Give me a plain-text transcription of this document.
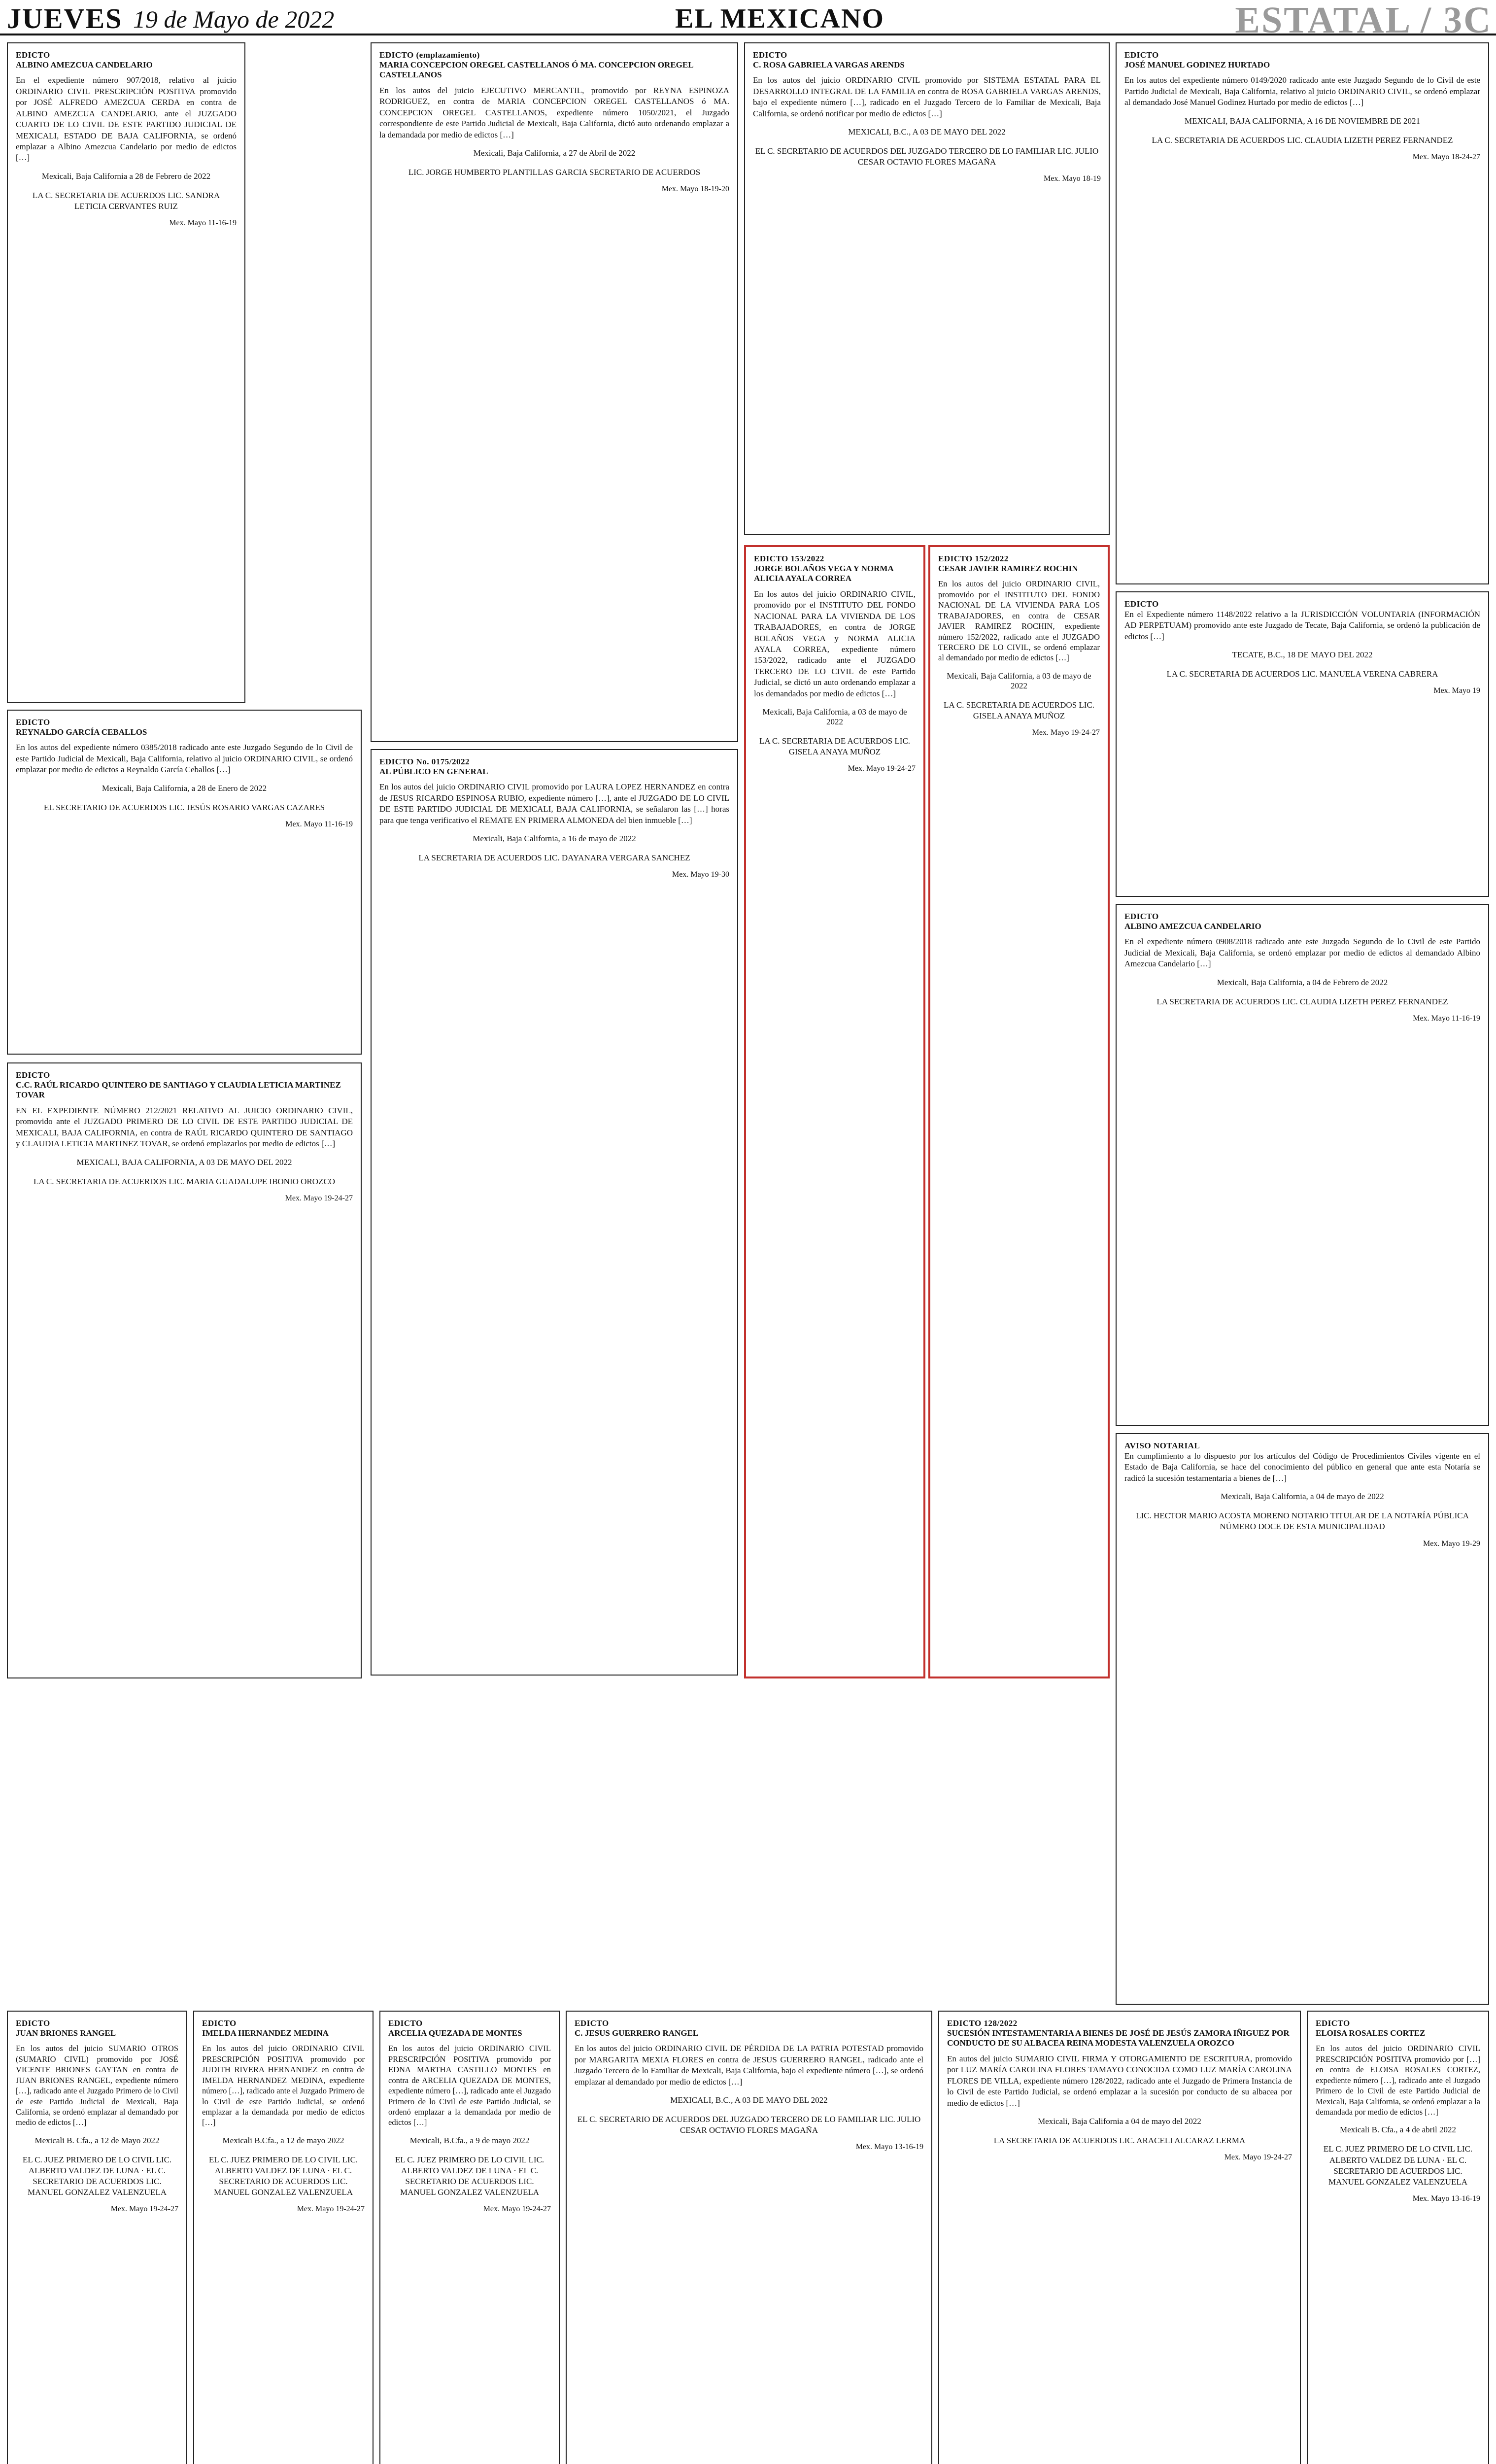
JUEVES 19 de Mayo de 2022	EL MEXICANO	ESTATAL / 3C
EDICTO
ALBINO AMEZCUA CANDELARIO

En el expediente número 907/2018, relativo al juicio ORDINARIO CIVIL PRESCRIPCIÓN POSITIVA promovido por JOSÉ ALFREDO AMEZCUA CERDA en contra de ALBINO AMEZCUA CANDELARIO, ante el JUZGADO CUARTO DE LO CIVIL DE ESTE PARTIDO JUDICIAL DE MEXICALI, ESTADO DE BAJA CALIFORNIA, se ordenó emplazar a Albino Amezcua Candelario por medio de edictos […]

Mexicali, Baja California a 28 de Febrero de 2022
LA C. SECRETARIA DE ACUERDOS LIC. SANDRA LETICIA CERVANTES RUIZ
Mex. Mayo 11-16-19
EDICTO (emplazamiento)
MARIA CONCEPCION OREGEL CASTELLANOS Ó MA. CONCEPCION OREGEL CASTELLANOS

En los autos del juicio EJECUTIVO MERCANTIL, promovido por REYNA ESPINOZA RODRIGUEZ, en contra de MARIA CONCEPCION OREGEL CASTELLANOS ó MA. CONCEPCION OREGEL CASTELLANOS, expediente número 1050/2021, el Juzgado correspondiente de este Partido Judicial de Mexicali, Baja California, dictó auto ordenando emplazar a la demandada por medio de edictos […]

Mexicali, Baja California, a 27 de Abril de 2022
LIC. JORGE HUMBERTO PLANTILLAS GARCIA SECRETARIO DE ACUERDOS
Mex. Mayo 18-19-20
EDICTO
C. ROSA GABRIELA VARGAS ARENDS

En los autos del juicio ORDINARIO CIVIL promovido por SISTEMA ESTATAL PARA EL DESARROLLO INTEGRAL DE LA FAMILIA en contra de ROSA GABRIELA VARGAS ARENDS, bajo el expediente número […], radicado en el Juzgado Tercero de lo Familiar de Mexicali, Baja California, se ordenó notificar por medio de edictos […]

MEXICALI, B.C., A 03 DE MAYO DEL 2022
EL C. SECRETARIO DE ACUERDOS DEL JUZGADO TERCERO DE LO FAMILIAR LIC. JULIO CESAR OCTAVIO FLORES MAGAÑA
Mex. Mayo 18-19
EDICTO
JOSÉ MANUEL GODINEZ HURTADO

En los autos del expediente número 0149/2020 radicado ante este Juzgado Segundo de lo Civil de este Partido Judicial de Mexicali, Baja California, relativo al juicio ORDINARIO CIVIL, se ordenó emplazar al demandado José Manuel Godinez Hurtado por medio de edictos […]

MEXICALI, BAJA CALIFORNIA, A 16 DE NOVIEMBRE DE 2021
LA C. SECRETARIA DE ACUERDOS LIC. CLAUDIA LIZETH PEREZ FERNANDEZ
Mex. Mayo 18-24-27
EDICTO

En el Expediente número 1148/2022 relativo a la JURISDICCIÓN VOLUNTARIA (INFORMACIÓN AD PERPETUAM) promovido ante este Juzgado de Tecate, Baja California, se ordenó la publicación de edictos […]

TECATE, B.C., 18 DE MAYO DEL 2022
LA C. SECRETARIA DE ACUERDOS LIC. MANUELA VERENA CABRERA
Mex. Mayo 19
EDICTO
REYNALDO GARCÍA CEBALLOS

En los autos del expediente número 0385/2018 radicado ante este Juzgado Segundo de lo Civil de este Partido Judicial de Mexicali, Baja California, relativo al juicio ORDINARIO CIVIL, se ordenó emplazar por medio de edictos a Reynaldo García Ceballos […]

Mexicali, Baja California, a 28 de Enero de 2022
EL SECRETARIO DE ACUERDOS LIC. JESÚS ROSARIO VARGAS CAZARES
Mex. Mayo 11-16-19
EDICTO No. 0175/2022
AL PÚBLICO EN GENERAL

En los autos del juicio ORDINARIO CIVIL promovido por LAURA LOPEZ HERNANDEZ en contra de JESUS RICARDO ESPINOSA RUBIO, expediente número […], ante el JUZGADO DE LO CIVIL DE ESTE PARTIDO JUDICIAL DE MEXICALI, BAJA CALIFORNIA, se señalaron las […] horas para que tenga verificativo el REMATE EN PRIMERA ALMONEDA del bien inmueble […]

Mexicali, Baja California, a 16 de mayo de 2022
LA SECRETARIA DE ACUERDOS LIC. DAYANARA VERGARA SANCHEZ
Mex. Mayo 19-30
EDICTO 153/2022
JORGE BOLAÑOS VEGA Y NORMA ALICIA AYALA CORREA

En los autos del juicio ORDINARIO CIVIL, promovido por el INSTITUTO DEL FONDO NACIONAL PARA LA VIVIENDA DE LOS TRABAJADORES, en contra de JORGE BOLAÑOS VEGA y NORMA ALICIA AYALA CORREA, expediente número 153/2022, radicado ante el JUZGADO TERCERO DE LO CIVIL de este Partido Judicial, se dictó un auto ordenando emplazar a los demandados por medio de edictos […]

Mexicali, Baja California, a 03 de mayo de 2022
LA C. SECRETARIA DE ACUERDOS LIC. GISELA ANAYA MUÑOZ
Mex. Mayo 19-24-27
EDICTO 152/2022
CESAR JAVIER RAMIREZ ROCHIN

En los autos del juicio ORDINARIO CIVIL, promovido por el INSTITUTO DEL FONDO NACIONAL DE LA VIVIENDA PARA LOS TRABAJADORES, en contra de CESAR JAVIER RAMIREZ ROCHIN, expediente número 152/2022, radicado ante el JUZGADO TERCERO DE LO CIVIL, se ordenó emplazar al demandado por medio de edictos […]

Mexicali, Baja California, a 03 de mayo de 2022
LA C. SECRETARIA DE ACUERDOS LIC. GISELA ANAYA MUÑOZ
Mex. Mayo 19-24-27
EDICTO
ALBINO AMEZCUA CANDELARIO

En el expediente número 0908/2018 radicado ante este Juzgado Segundo de lo Civil de este Partido Judicial de Mexicali, Baja California, se ordenó emplazar por medio de edictos al demandado Albino Amezcua Candelario […]

Mexicali, Baja California, a 04 de Febrero de 2022
LA SECRETARIA DE ACUERDOS LIC. CLAUDIA LIZETH PEREZ FERNANDEZ
Mex. Mayo 11-16-19
EDICTO
C.C. RAÚL RICARDO QUINTERO DE SANTIAGO Y CLAUDIA LETICIA MARTINEZ TOVAR

EN EL EXPEDIENTE NÚMERO 212/2021 RELATIVO AL JUICIO ORDINARIO CIVIL, promovido ante el JUZGADO PRIMERO DE LO CIVIL DE ESTE PARTIDO JUDICIAL DE MEXICALI, BAJA CALIFORNIA, en contra de RAÚL RICARDO QUINTERO DE SANTIAGO y CLAUDIA LETICIA MARTINEZ TOVAR, se ordenó emplazarlos por medio de edictos […]

MEXICALI, BAJA CALIFORNIA, A 03 DE MAYO DEL 2022
LA C. SECRETARIA DE ACUERDOS LIC. MARIA GUADALUPE IBONIO OROZCO
Mex. Mayo 19-24-27
AVISO NOTARIAL

En cumplimiento a lo dispuesto por los artículos del Código de Procedimientos Civiles vigente en el Estado de Baja California, se hace del conocimiento del público en general que ante esta Notaría se radicó la sucesión testamentaria a bienes de […]

Mexicali, Baja California, a 04 de mayo de 2022
LIC. HECTOR MARIO ACOSTA MORENO NOTARIO TITULAR DE LA NOTARÍA PÚBLICA NÚMERO DOCE DE ESTA MUNICIPALIDAD
Mex. Mayo 19-29
EDICTO
JUAN BRIONES RANGEL

En los autos del juicio SUMARIO OTROS (SUMARIO CIVIL) promovido por JOSÉ VICENTE BRIONES GAYTAN en contra de JUAN BRIONES RANGEL, expediente número […], radicado ante el Juzgado Primero de lo Civil de este Partido Judicial de Mexicali, Baja California, se ordenó emplazar al demandado por medio de edictos […]

Mexicali B. Cfa., a 12 de Mayo 2022
EL C. JUEZ PRIMERO DE LO CIVIL LIC. ALBERTO VALDEZ DE LUNA · EL C. SECRETARIO DE ACUERDOS LIC. MANUEL GONZALEZ VALENZUELA
Mex. Mayo 19-24-27
EDICTO
IMELDA HERNANDEZ MEDINA

En los autos del juicio ORDINARIO CIVIL PRESCRIPCIÓN POSITIVA promovido por JUDITH RIVERA HERNANDEZ en contra de IMELDA HERNANDEZ MEDINA, expediente número […], radicado ante el Juzgado Primero de lo Civil de este Partido Judicial, se ordenó emplazar a la demandada por medio de edictos […]

Mexicali B.Cfa., a 12 de mayo 2022
EL C. JUEZ PRIMERO DE LO CIVIL LIC. ALBERTO VALDEZ DE LUNA · EL C. SECRETARIO DE ACUERDOS LIC. MANUEL GONZALEZ VALENZUELA
Mex. Mayo 19-24-27
EDICTO
ARCELIA QUEZADA DE MONTES

En los autos del juicio ORDINARIO CIVIL PRESCRIPCIÓN POSITIVA promovido por EDNA MARTHA CASTILLO MONTES en contra de ARCELIA QUEZADA DE MONTES, expediente número […], radicado ante el Juzgado Primero de lo Civil de este Partido Judicial, se ordenó emplazar a la demandada por medio de edictos […]

Mexicali, B.Cfa., a 9 de mayo 2022
EL C. JUEZ PRIMERO DE LO CIVIL LIC. ALBERTO VALDEZ DE LUNA · EL C. SECRETARIO DE ACUERDOS LIC. MANUEL GONZALEZ VALENZUELA
Mex. Mayo 19-24-27
EDICTO
C. JESUS GUERRERO RANGEL

En los autos del juicio ORDINARIO CIVIL DE PÉRDIDA DE LA PATRIA POTESTAD promovido por MARGARITA MEXIA FLORES en contra de JESUS GUERRERO RANGEL, radicado ante el Juzgado Tercero de lo Familiar de Mexicali, Baja California, bajo el expediente número […], se ordenó emplazar al demandado por medio de edictos […]

MEXICALI, B.C., A 03 DE MAYO DEL 2022
EL C. SECRETARIO DE ACUERDOS DEL JUZGADO TERCERO DE LO FAMILIAR LIC. JULIO CESAR OCTAVIO FLORES MAGAÑA
Mex. Mayo 13-16-19
EDICTO 128/2022
SUCESIÓN INTESTAMENTARIA A BIENES DE JOSÉ DE JESÚS ZAMORA IÑIGUEZ POR CONDUCTO DE SU ALBACEA REINA MODESTA VALENZUELA OROZCO

En autos del juicio SUMARIO CIVIL FIRMA Y OTORGAMIENTO DE ESCRITURA, promovido por LUZ MARÍA CAROLINA FLORES TAMAYO CONOCIDA COMO LUZ MARÍA CAROLINA FLORES DE VILLA, expediente número 128/2022, radicado ante el Juzgado de Primera Instancia de lo Civil de este Partido Judicial, se ordenó emplazar a la sucesión por conducto de su albacea por medio de edictos […]

Mexicali, Baja California a 04 de mayo del 2022
LA SECRETARIA DE ACUERDOS LIC. ARACELI ALCARAZ LERMA
Mex. Mayo 19-24-27
EDICTO
ELOISA ROSALES CORTEZ

En los autos del juicio ORDINARIO CIVIL PRESCRIPCIÓN POSITIVA promovido por […] en contra de ELOISA ROSALES CORTEZ, expediente número […], radicado ante el Juzgado Primero de lo Civil de este Partido Judicial de Mexicali, Baja California, se ordenó emplazar a la demandada por medio de edictos […]

Mexicali B. Cfa., a 4 de abril 2022
EL C. JUEZ PRIMERO DE LO CIVIL LIC. ALBERTO VALDEZ DE LUNA · EL C. SECRETARIO DE ACUERDOS LIC. MANUEL GONZALEZ VALENZUELA
Mex. Mayo 13-16-19
